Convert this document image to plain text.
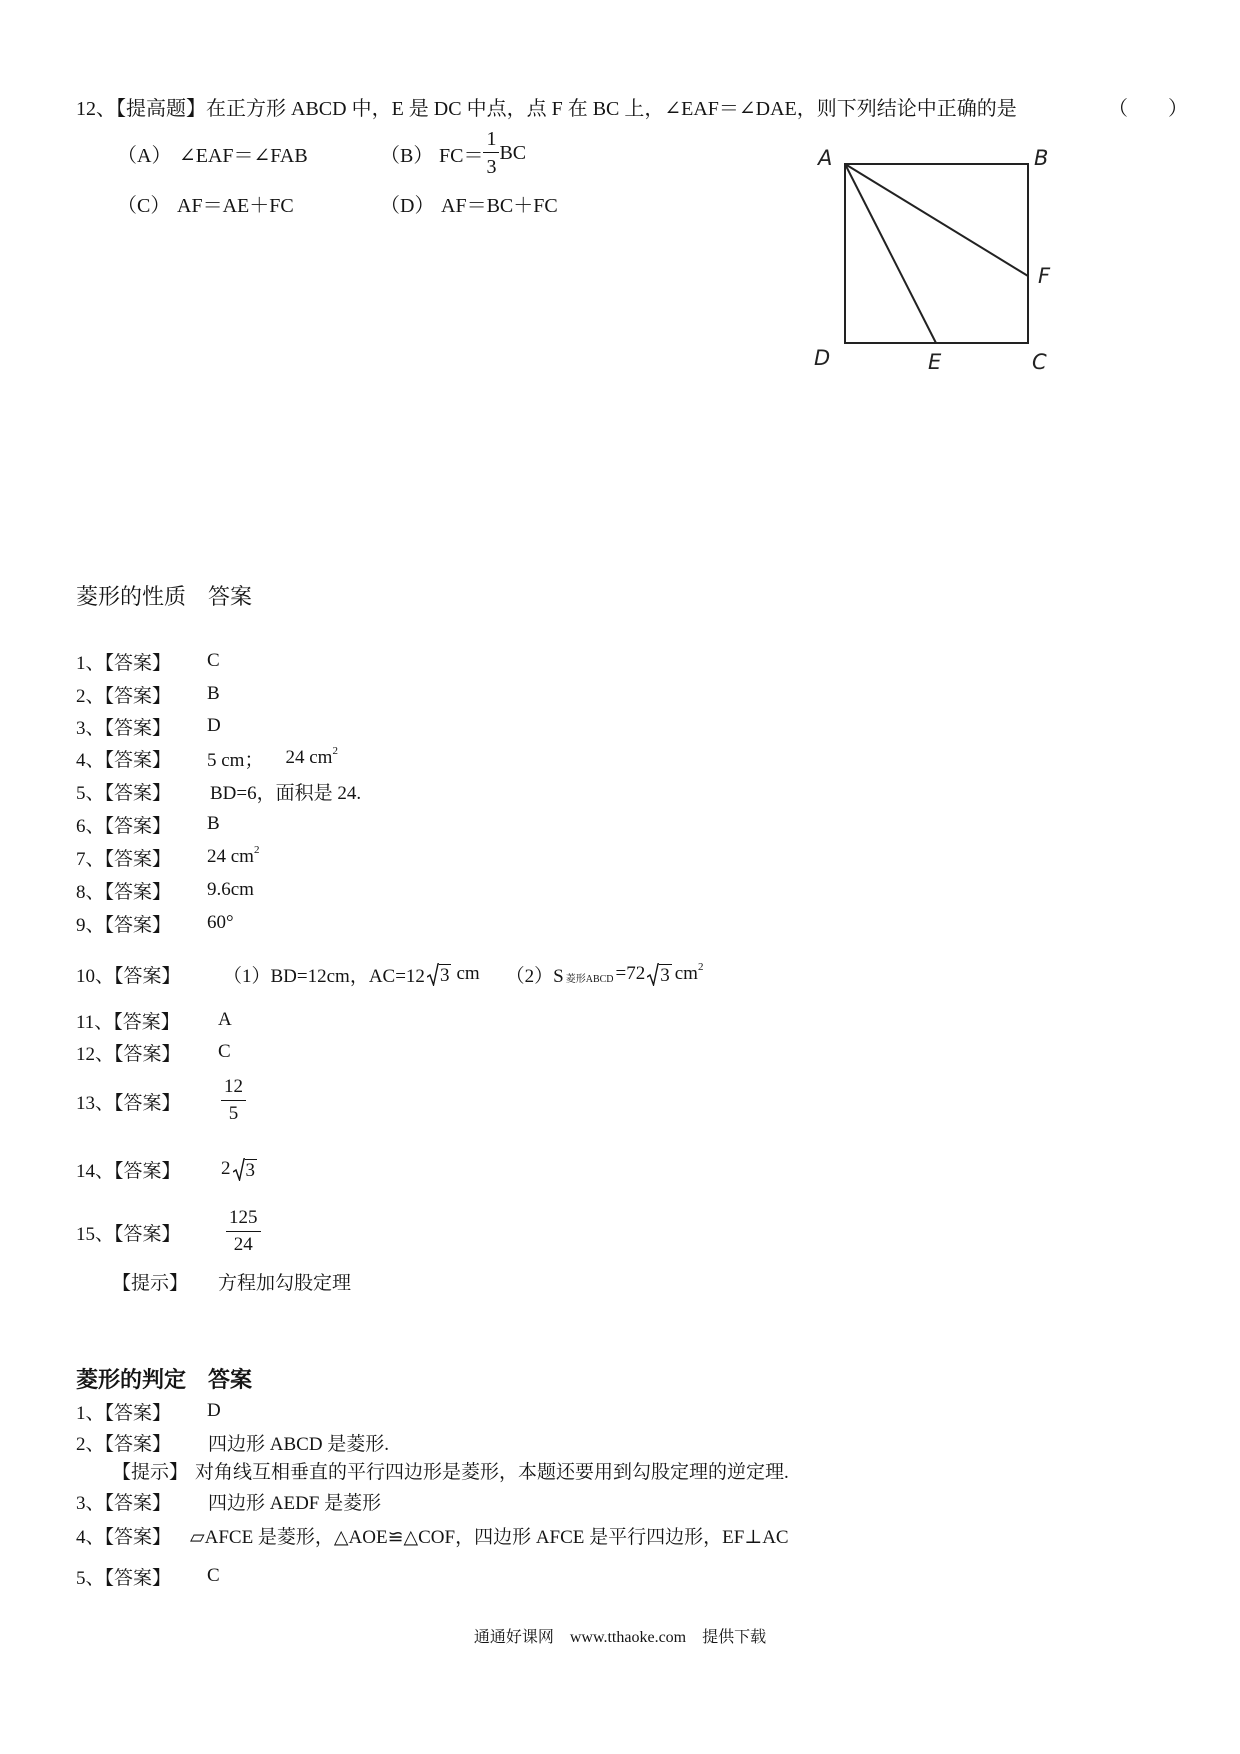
12、【提高题】 在正方形 ABCD 中，E 是 DC 中点，点 F 在 BC 上，∠EAF＝∠DAE，则下列结论中正确的是	（　　）
（A） ∠EAF＝∠FAB	（B） $FC= \frac{1}{3}$ BC
（C） AF＝AE＋FC	（D） AF＝BC＋FC
A	B
F
D	E	C
菱形的性质　答案
1、【答案】	C
2、【答案】	B
3、【答案】	D
4、【答案】	5 cm； 24 $cm^2$
5、【答案】	BD=6，面积是 24.
6、【答案】	B
7、【答案】	24 $cm^2$
8、【答案】	9.6cm
9、【答案】	60°
10、【答案】	（1）BD=12cm，AC=12 3 cm $(2)S_{菱形ABCD} =72$ 3 $cm^2$
11、【答案】	A
12、【答案】	C
13、【答案】	$\frac{12}{5}$
14、【答案】	2 3
15、【答案】	$\frac{125}{24}$
【提示】	方程加勾股定理
菱形的判定　答案
1、【答案】	D
2、【答案】	四边形 ABCD 是菱形.
【提示】 对角线互相垂直的平行四边形是菱形，本题还要用到勾股定理的逆定理.
3、【答案】	四边形 AEDF 是菱形
4、【答案】 ▱AFCE 是菱形，△AOE≌△COF，四边形 AFCE 是平行四边形，EF⊥AC
5、【答案】	C
通通好课网　www.tthaoke.com　提供下载
